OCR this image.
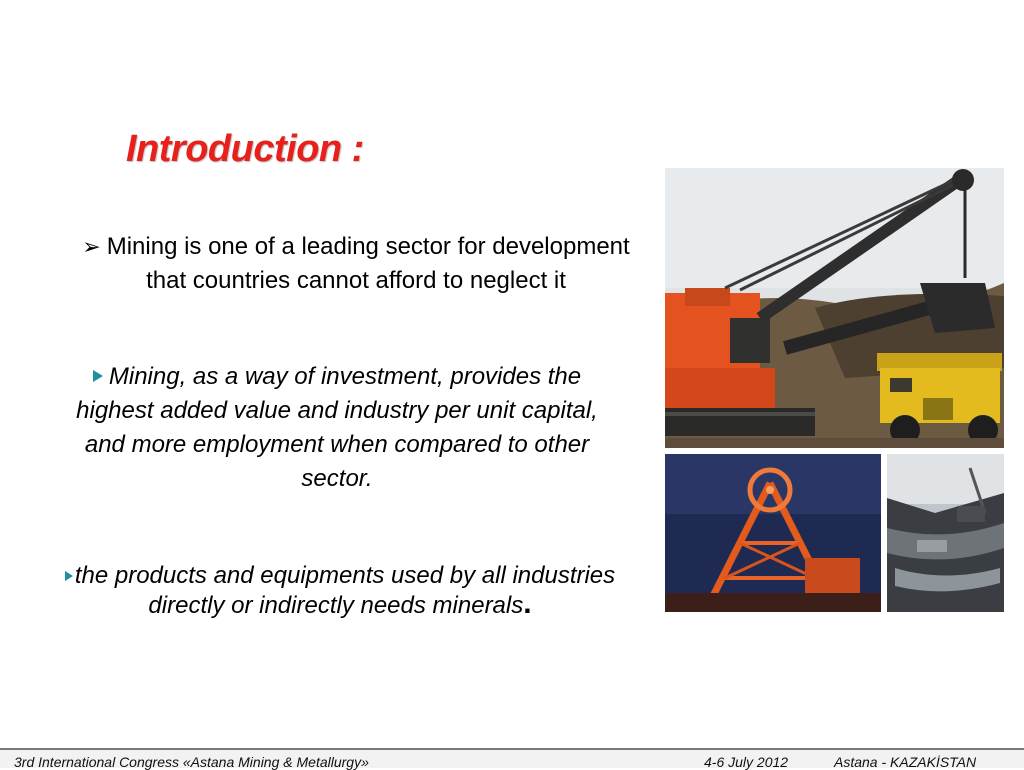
Introduction :
➢ Mining is one of a leading sector for development that countries cannot afford to neglect it
Mining, as a way of investment, provides the highest added value and industry per unit capital, and more employment when compared to other sector.
the products and equipments used by all industries directly or indirectly needs minerals.
3rd International Congress «Astana Mining & Metallurgy»	4-6 July 2012	Astana - KAZAKİSTAN
